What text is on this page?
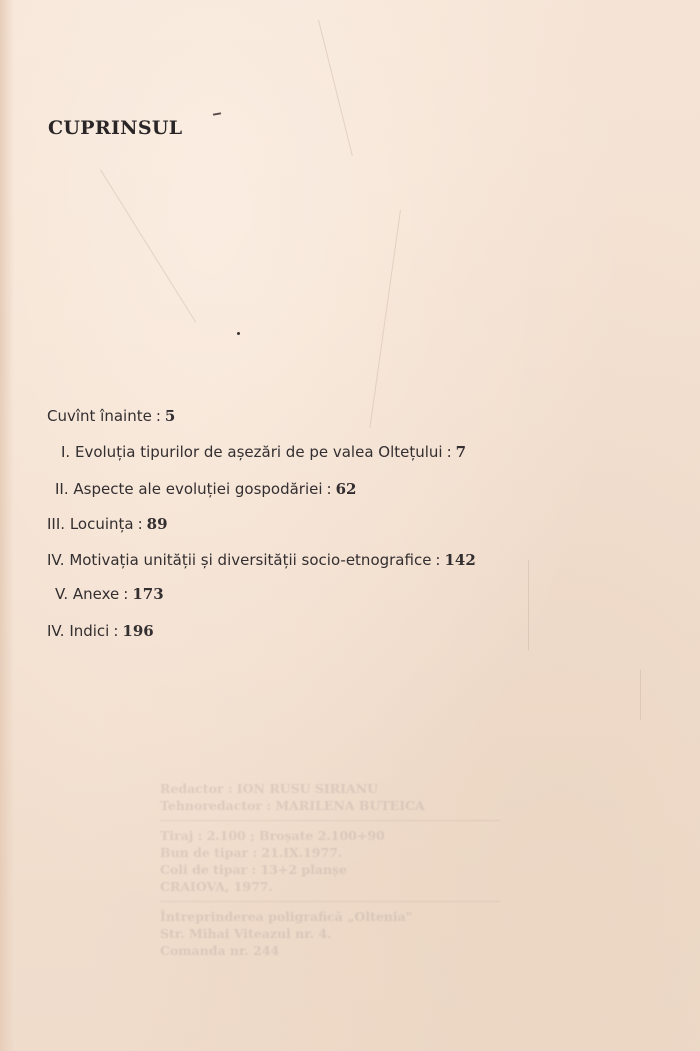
CUPRINSUL
Cuvînt înainte : 5
I. Evoluția tipurilor de așezări de pe valea Oltețului : 7
II. Aspecte ale evoluției gospodăriei : 62
III. Locuința : 89
IV. Motivația unității și diversității socio-etnografice : 142
V. Anexe : 173
IV. Indici : 196
Redactor : ION RUSU SIRIANU
Tehnoredactor : MARILENA BUTEICA
Tiraj : 2.100 ; Broșate 2.100+90
Bun de tipar : 21.IX.1977.
Coli de tipar : 13+2 planșe
CRAIOVA, 1977.
Întreprinderea poligrafică „Oltenia"
Str. Mihai Viteazul nr. 4.
Comanda nr. 244
